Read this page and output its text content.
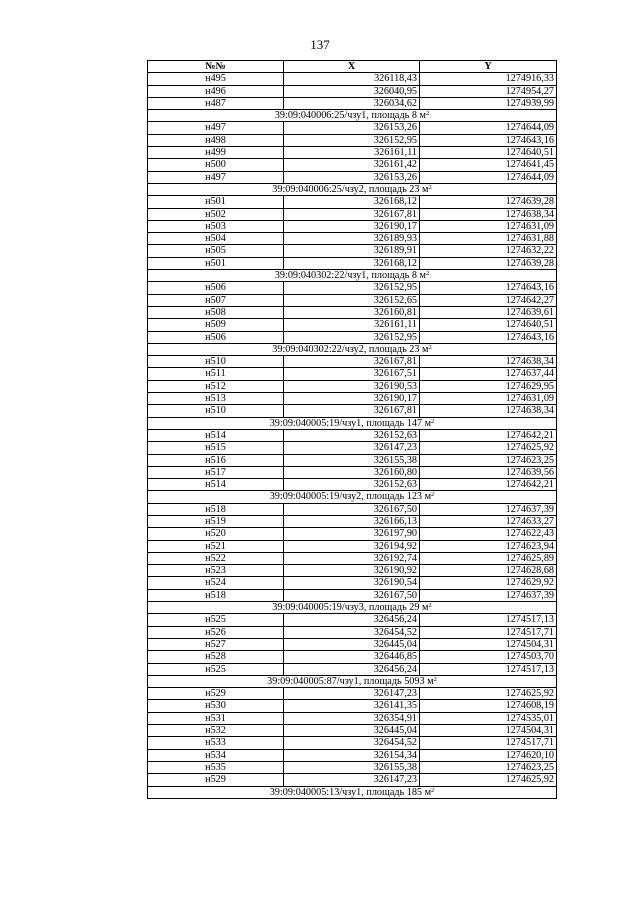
137
№№	X	Y
н495	326118,43	1274916,33
н496	326040,95	1274954,27
н487	326034,62	1274939,99
39:09:040006:25/чзу1, площадь 8 $м^2$
н497	326153,26	1274644,09
н498	326152,95	1274643,16
н499	326161,11	1274640,51
н500	326161,42	1274641,45
н497	326153,26	1274644,09
39:09:040006:25/чзу2, площадь 23 $м^2$
н501	326168,12	1274639,28
н502	326167,81	1274638,34
н503	326190,17	1274631,09
н504	326189,93	1274631,88
н505	326189,91	1274632,22
н501	326168,12	1274639,28
39:09:040302:22/чзу1, площадь 8 $м^2$
н506	326152,95	1274643,16
н507	326152,65	1274642,27
н508	326160,81	1274639,61
н509	326161,11	1274640,51
н506	326152,95	1274643,16
39:09:040302:22/чзу2, площадь 23 $м^2$
н510	326167,81	1274638,34
н511	326167,51	1274637,44
н512	326190,53	1274629,95
н513	326190,17	1274631,09
н510	326167,81	1274638,34
39:09:040005:19/чзу1, площадь 147 $м^2$
н514	326152,63	1274642,21
н515	326147,23	1274625,92
н516	326155,38	1274623,25
н517	326160,80	1274639,56
н514	326152,63	1274642,21
39:09:040005:19/чзу2, площадь 123 $м^2$
н518	326167,50	1274637,39
н519	326166,13	1274633,27
н520	326197,90	1274622,43
н521	326194,92	1274623,94
н522	326192,74	1274625,89
н523	326190,92	1274628,68
н524	326190,54	1274629,92
н518	326167,50	1274637,39
39:09:040005:19/чзу3, площадь 29 $м^2$
н525	326456,24	1274517,13
н526	326454,52	1274517,71
н527	326445,04	1274504,31
н528	326446,85	1274503,70
н525	326456,24	1274517,13
39:09:040005:87/чзу1, площадь 5093 $м^2$
н529	326147,23	1274625,92
н530	326141,35	1274608,19
н531	326354,91	1274535,01
н532	326445,04	1274504,31
н533	326454,52	1274517,71
н534	326154,34	1274620,10
н535	326155,38	1274623,25
н529	326147,23	1274625,92
39:09:040005:13/чзу1, площадь 185 $м^2$
